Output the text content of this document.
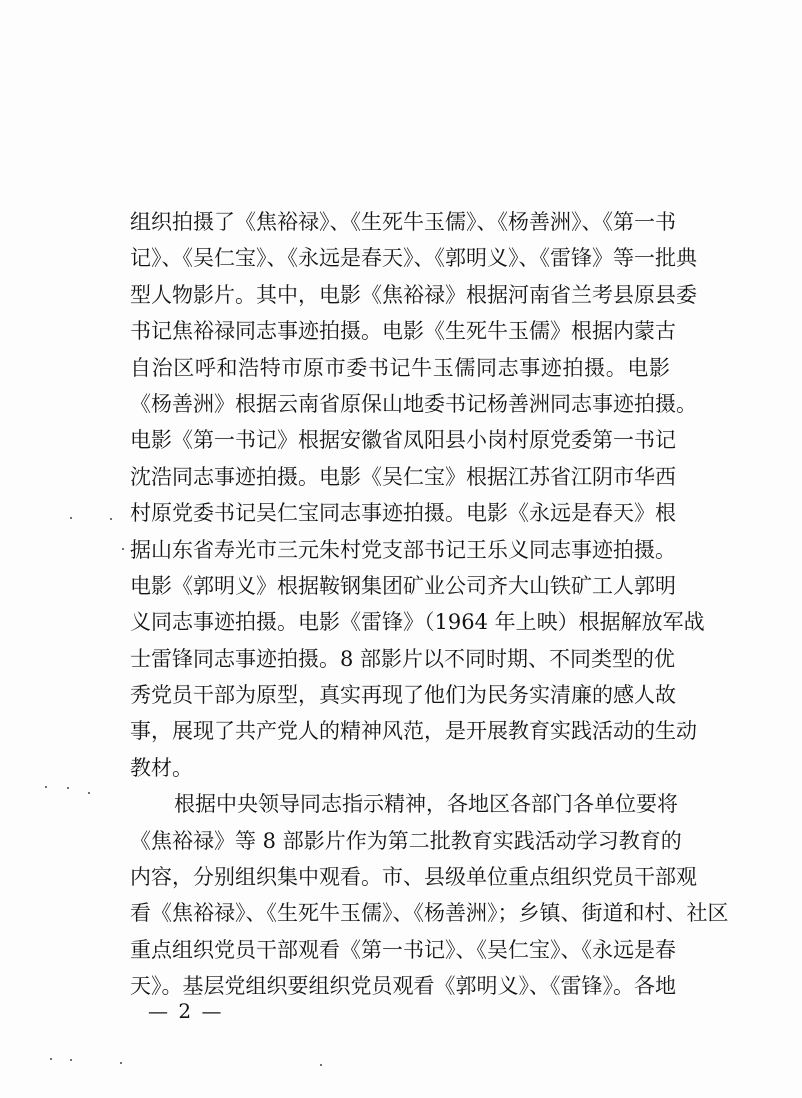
组织拍摄了《焦裕禄》、《生死牛玉儒》、《杨善洲》、《第一书
记》、《吴仁宝》、《永远是春天》、《郭明义》、《雷锋》等一批典
型人物影片。其中，电影《焦裕禄》根据河南省兰考县原县委
书记焦裕禄同志事迹拍摄。电影《生死牛玉儒》根据内蒙古
自治区呼和浩特市原市委书记牛玉儒同志事迹拍摄。电影
《杨善洲》根据云南省原保山地委书记杨善洲同志事迹拍摄。
电影《第一书记》根据安徽省凤阳县小岗村原党委第一书记
沈浩同志事迹拍摄。电影《吴仁宝》根据江苏省江阴市华西
村原党委书记吴仁宝同志事迹拍摄。电影《永远是春天》根
据山东省寿光市三元朱村党支部书记王乐义同志事迹拍摄。
电影《郭明义》根据鞍钢集团矿业公司齐大山铁矿工人郭明
义同志事迹拍摄。电影《雷锋》（1964 年上映）根据解放军战
士雷锋同志事迹拍摄。8 部影片以不同时期、不同类型的优
秀党员干部为原型，真实再现了他们为民务实清廉的感人故
事，展现了共产党人的精神风范，是开展教育实践活动的生动
教材。
根据中央领导同志指示精神，各地区各部门各单位要将
《焦裕禄》等 8 部影片作为第二批教育实践活动学习教育的
内容，分别组织集中观看。市、县级单位重点组织党员干部观
看《焦裕禄》、《生死牛玉儒》、《杨善洲》；乡镇、街道和村、社区
重点组织党员干部观看《第一书记》、《吴仁宝》、《永远是春
天》。基层党组织要组织党员观看《郭明义》、《雷锋》。各地
— 2 —
